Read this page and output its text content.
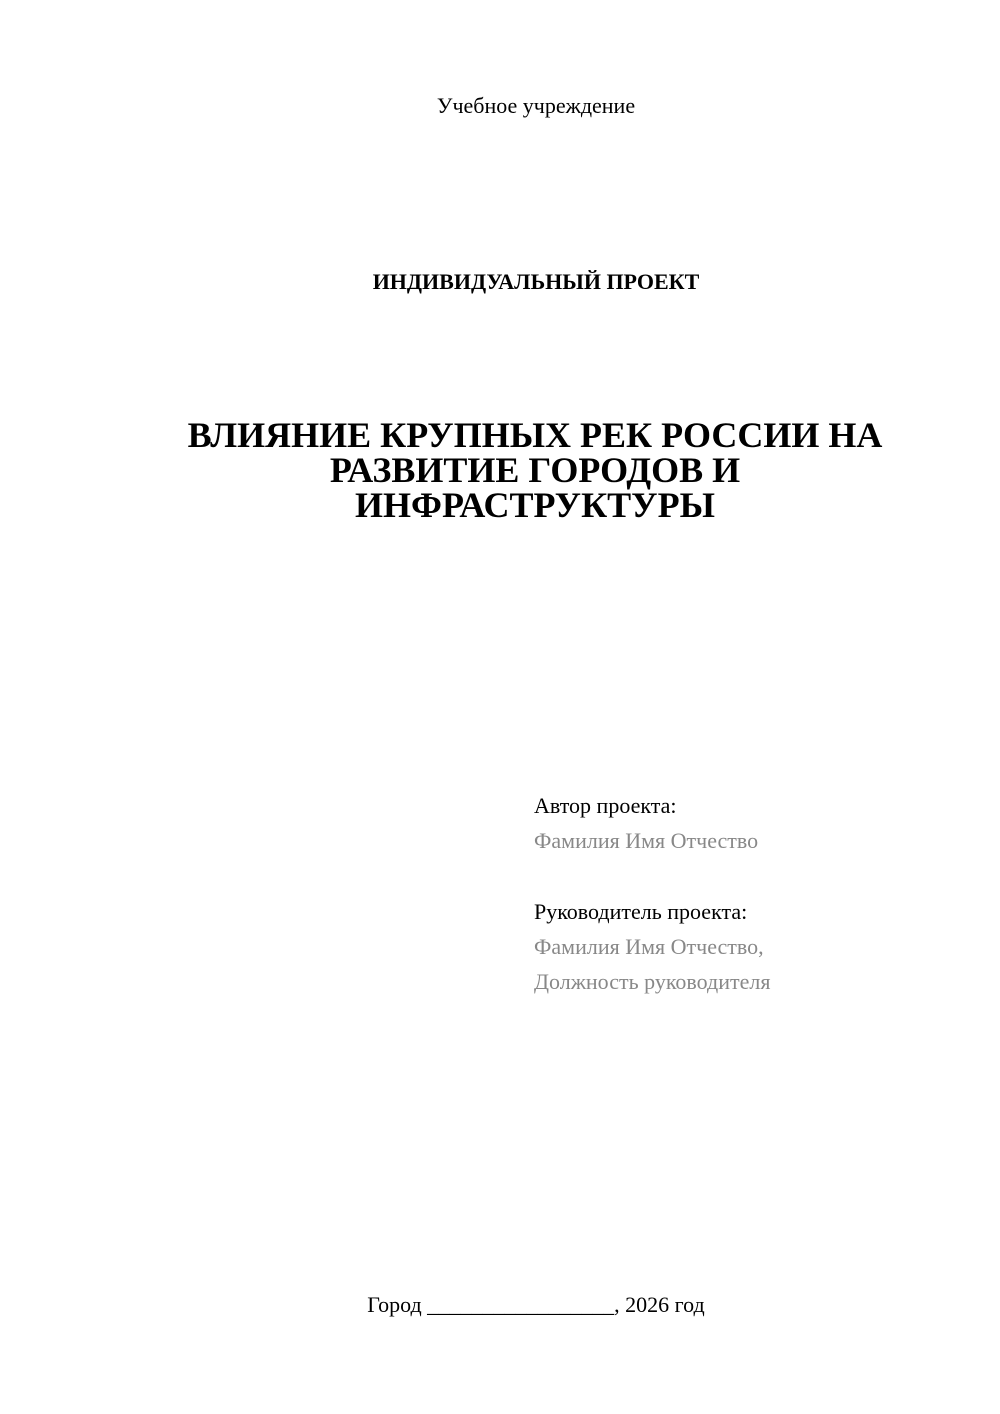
Учебное учреждение
ИНДИВИДУАЛЬНЫЙ ПРОЕКТ
ВЛИЯНИЕ КРУПНЫХ РЕК РОССИИ НА
РАЗВИТИЕ ГОРОДОВ И
ИНФРАСТРУКТУРЫ
Автор проекта:
Фамилия Имя Отчество
Руководитель проекта:
Фамилия Имя Отчество,
Должность руководителя
Город _________________, 2026 год
